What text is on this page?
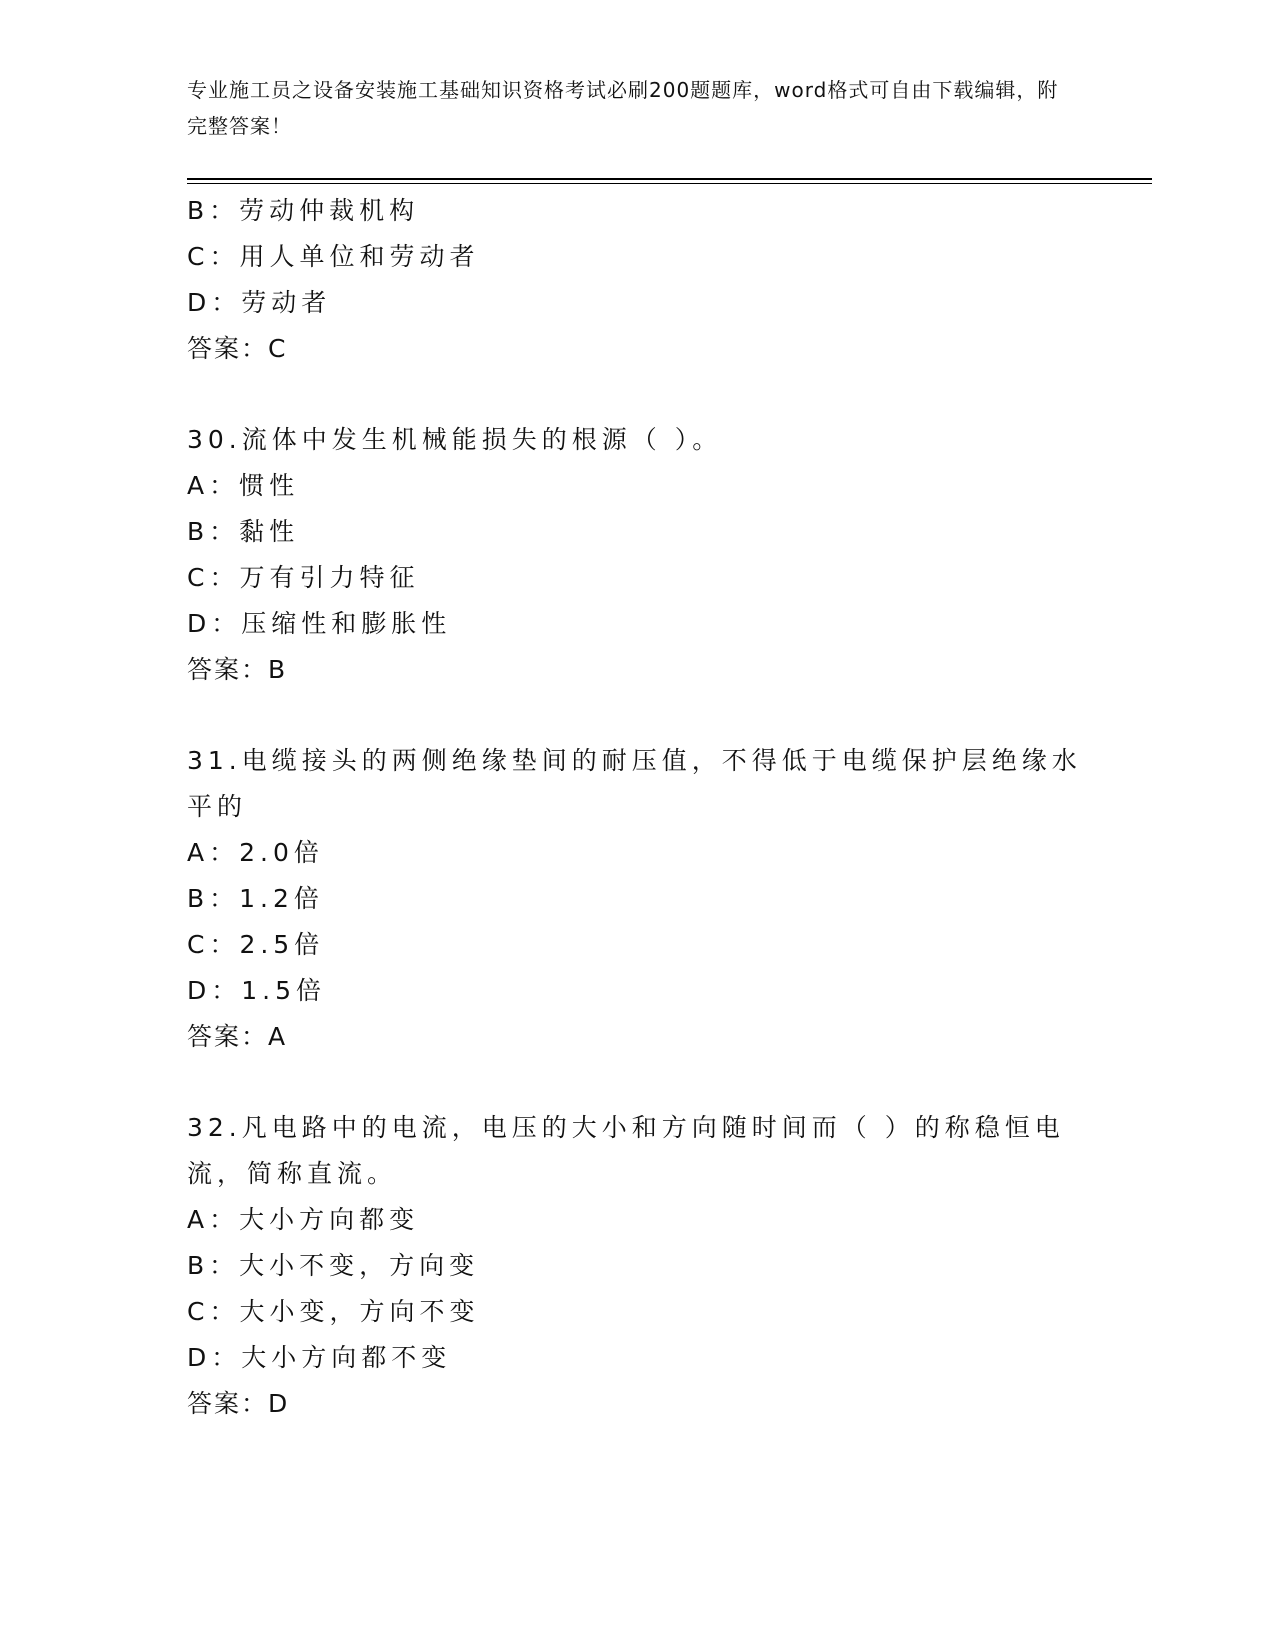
专业施工员之设备安装施工基础知识资格考试必刷200题题库，word格式可自由下载编辑，附完整答案！
B：劳动仲裁机构
C：用人单位和劳动者
D：劳动者
答案：C
30.流体中发生机械能损失的根源（ ）。
A：惯性
B：黏性
C：万有引力特征
D：压缩性和膨胀性
答案：B
31.电缆接头的两侧绝缘垫间的耐压值，不得低于电缆保护层绝缘水平的
A：2.0倍
B：1.2倍
C：2.5倍
D：1.5倍
答案：A
32.凡电路中的电流，电压的大小和方向随时间而（ ）的称稳恒电流，简称直流。
A：大小方向都变
B：大小不变，方向变
C：大小变，方向不变
D：大小方向都不变
答案：D
